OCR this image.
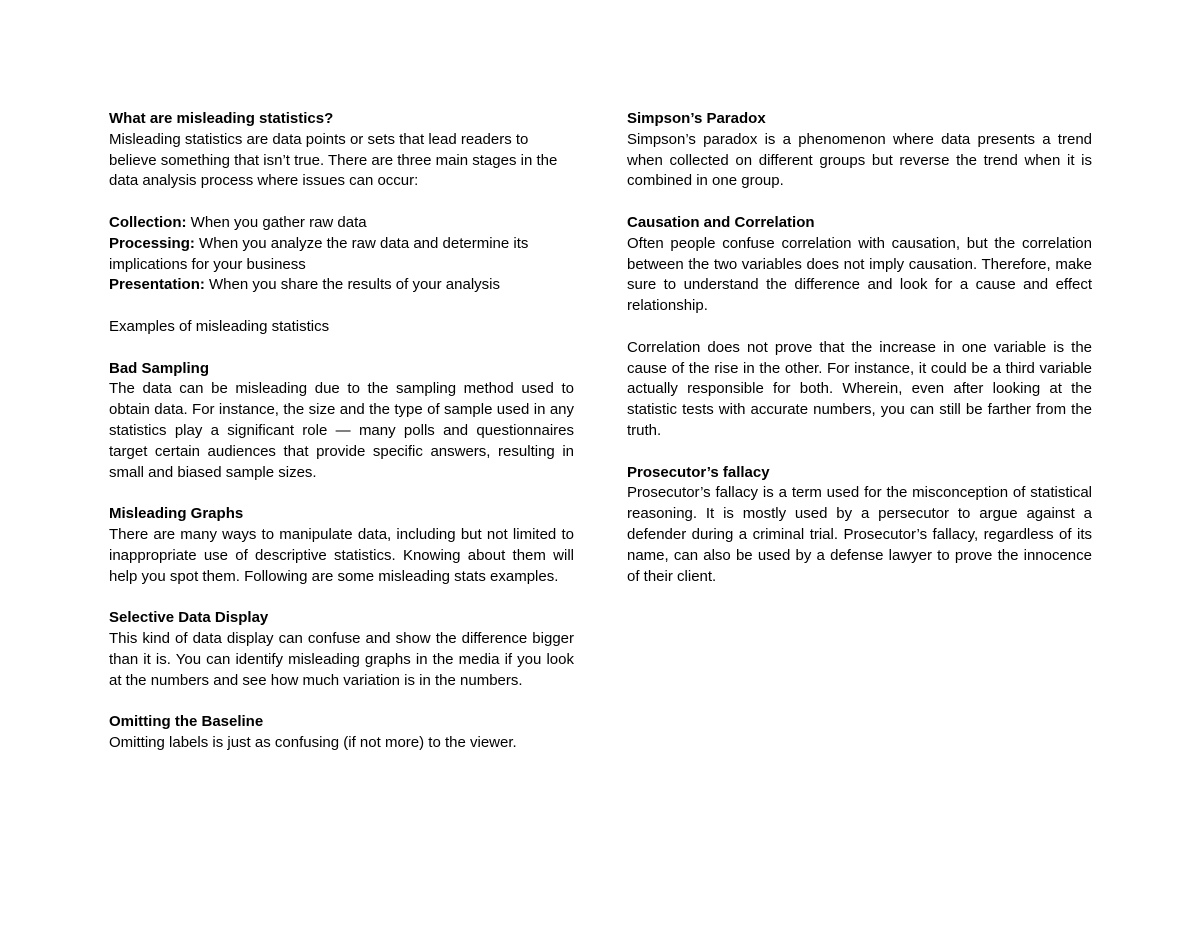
What are misleading statistics?

Misleading statistics are data points or sets that lead readers to believe something that isn’t true. There are three main stages in the data analysis process where issues can occur:

Collection: When you gather raw data

Processing: When you analyze the raw data and determine its implications for your business

Presentation: When you share the results of your analysis

Examples of misleading statistics

Bad Sampling

The data can be misleading due to the sampling method used to obtain data. For instance, the size and the type of sample used in any statistics play a significant role — many polls and questionnaires target certain audiences that provide specific answers, resulting in small and biased sample sizes.

Misleading Graphs

There are many ways to manipulate data, including but not limited to inappropriate use of descriptive statistics. Knowing about them will help you spot them. Following are some misleading stats examples.

Selective Data Display

This kind of data display can confuse and show the difference bigger than it is. You can identify misleading graphs in the media if you look at the numbers and see how much variation is in the numbers.

Omitting the Baseline

Omitting labels is just as confusing (if not more) to the viewer.

Simpson’s Paradox

Simpson’s paradox is a phenomenon where data presents a trend when collected on different groups but reverse the trend when it is combined in one group.

Causation and Correlation

Often people confuse correlation with causation, but the correlation between the two variables does not imply causation. Therefore, make sure to understand the difference and look for a cause and effect relationship.

Correlation does not prove that the increase in one variable is the cause of the rise in the other. For instance, it could be a third variable actually responsible for both. Wherein, even after looking at the statistic tests with accurate numbers, you can still be farther from the truth.

Prosecutor’s fallacy

Prosecutor’s fallacy is a term used for the misconception of statistical reasoning. It is mostly used by a persecutor to argue against a defender during a criminal trial. Prosecutor’s fallacy, regardless of its name, can also be used by a defense lawyer to prove the innocence of their client.
